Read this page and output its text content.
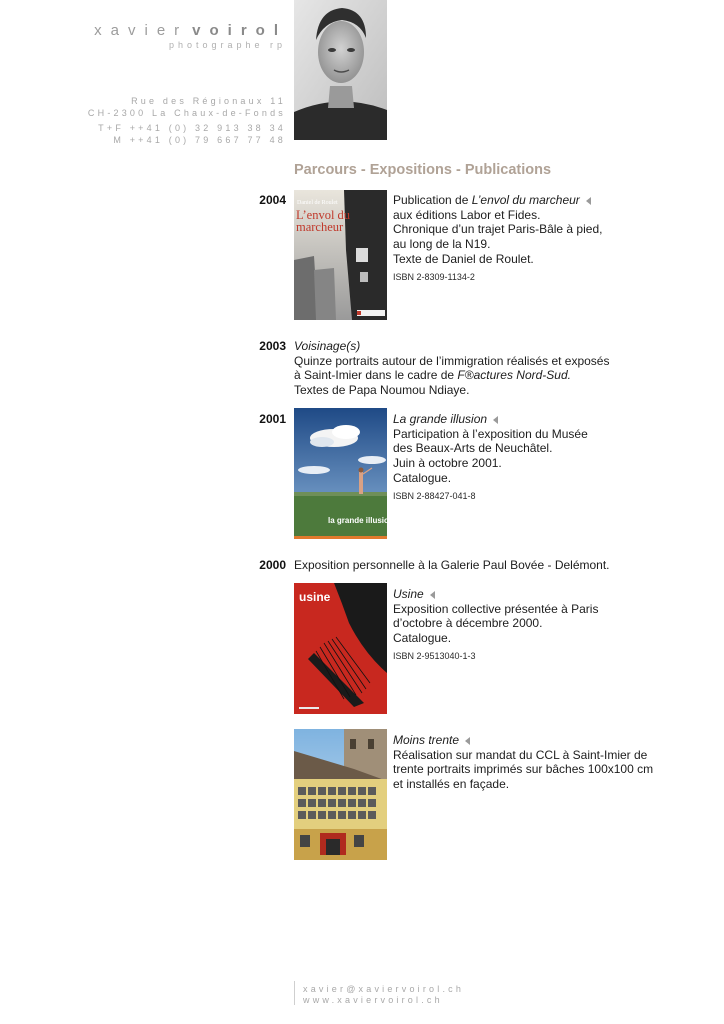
xavier voirol
photographe rp
Rue des Régionaux 11
CH-2300 La Chaux-de-Fonds
T+F ++41 (0) 32 913 38 34
M ++41 (0) 79 667 77 48
Parcours - Expositions - Publications
2004 Daniel de Roulet
L’envol du
marcheur
Publication de L’envol du marcheur
aux éditions Labor et Fides.
Chronique d’un trajet Paris-Bâle à pied,
au long de la N19.
Texte de Daniel de Roulet.
ISBN 2-8309-1134-2
2003 Voisinage(s)
Quinze portraits autour de l’immigration réalisés et exposés
à Saint-Imier dans le cadre de F®actures Nord-Sud.
Textes de Papa Noumou Ndiaye.
2001
la grande illusion
La grande illusion
Participation à l’exposition du Musée
des Beaux-Arts de Neuchâtel.
Juin à octobre 2001.
Catalogue.
ISBN 2-88427-041-8
2000 Exposition personnelle à la Galerie Paul Bovée - Delémont.
usine	Usine
Exposition collective présentée à Paris
d’octobre à décembre 2000.
Catalogue.
ISBN 2-9513040-1-3
Moins trente
Réalisation sur mandat du CCL à Saint-Imier de
trente portraits imprimés sur bâches 100x100 cm
et installés en façade.
xavier@xaviervoirol.ch
www.xaviervoirol.ch
